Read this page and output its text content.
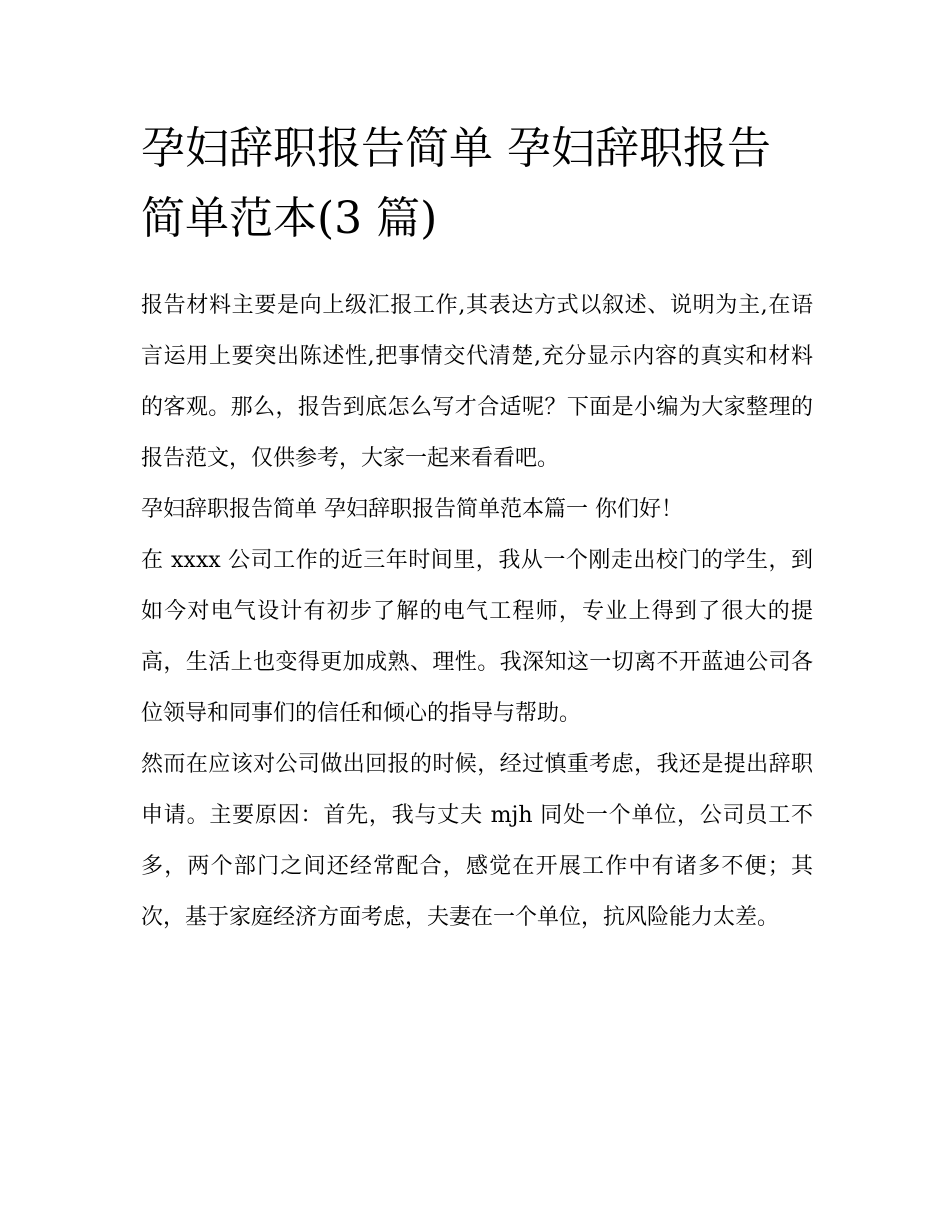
孕妇辞职报告简单 孕妇辞职报告简单范本(3 篇)

报告材料主要是向上级汇报工作,其表达方式以叙述、说明为主,在语言运用上要突出陈述性,把事情交代清楚,充分显示内容的真实和材料的客观。那么，报告到底怎么写才合适呢？下面是小编为大家整理的报告范文，仅供参考，大家一起来看看吧。

孕妇辞职报告简单 孕妇辞职报告简单范本篇一 你们好！

在 xxxx 公司工作的近三年时间里，我从一个刚走出校门的学生，到如今对电气设计有初步了解的电气工程师，专业上得到了很大的提高，生活上也变得更加成熟、理性。我深知这一切离不开蓝迪公司各位领导和同事们的信任和倾心的指导与帮助。

然而在应该对公司做出回报的时候，经过慎重考虑，我还是提出辞职申请。主要原因：首先，我与丈夫 mjh 同处一个单位，公司员工不多，两个部门之间还经常配合，感觉在开展工作中有诸多不便；其次，基于家庭经济方面考虑，夫妻在一个单位，抗风险能力太差。
